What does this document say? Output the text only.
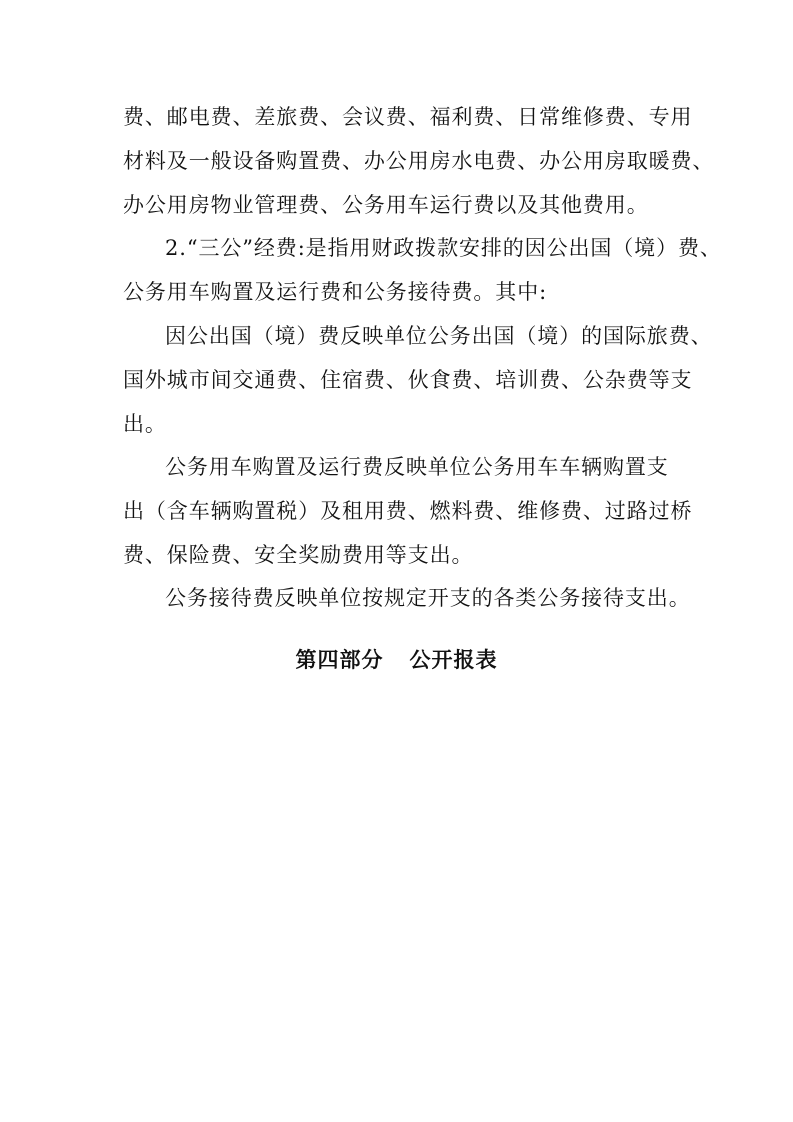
费、邮电费、差旅费、会议费、福利费、日常维修费、专用
材料及一般设备购置费、办公用房水电费、办公用房取暖费、
办公用房物业管理费、公务用车运行费以及其他费用。
2.“三公”经费:是指用财政拨款安排的因公出国（境）费、
公务用车购置及运行费和公务接待费。其中:
因公出国（境）费反映单位公务出国（境）的国际旅费、
国外城市间交通费、住宿费、伙食费、培训费、公杂费等支
出。
公务用车购置及运行费反映单位公务用车车辆购置支
出（含车辆购置税）及租用费、燃料费、维修费、过路过桥
费、保险费、安全奖励费用等支出。
公务接待费反映单位按规定开支的各类公务接待支出。
第四部分 公开报表
